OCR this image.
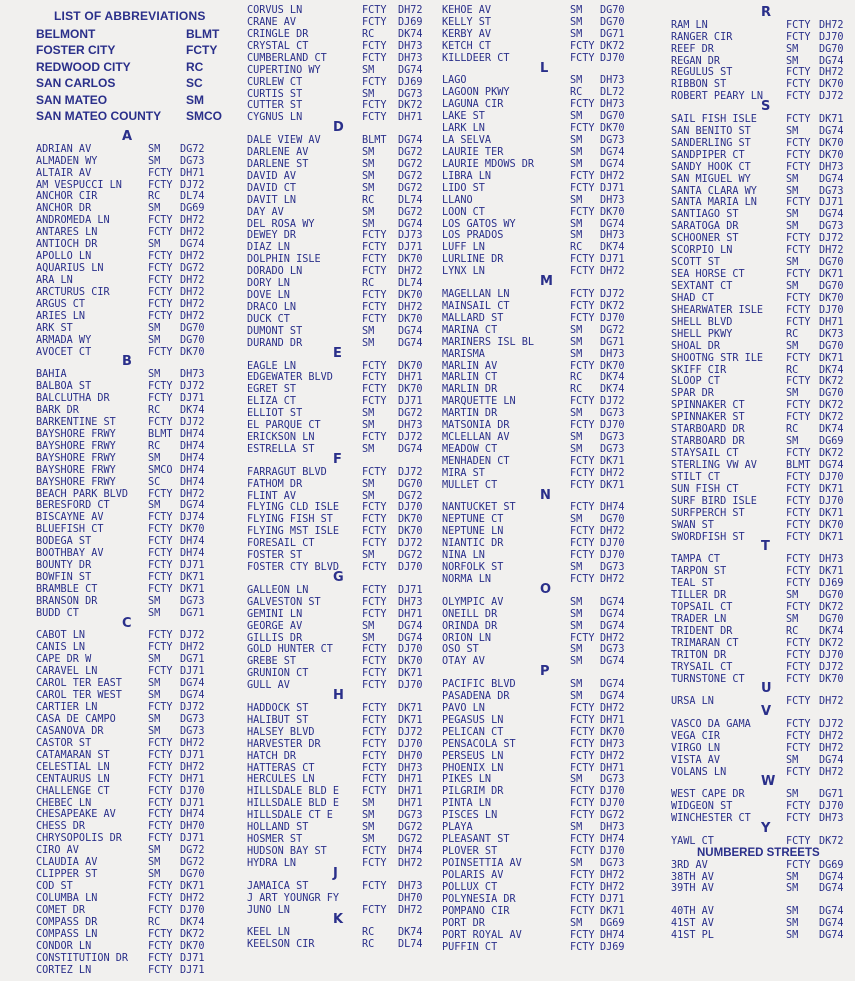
LIST OF ABBREVIATIONS
BELMONT	BLMT
FOSTER CITY	FCTY
REDWOOD CITY	RC
SAN CARLOS	SC
SAN MATEO	SM
SAN MATEO COUNTY SMCO
A
ADRIAN AV	SM DG72
ALMADEN WY	SM DG73
ALTAIR AV	FCTY DH71
AM VESPUCCI LN	FCTY DJ72
ANCHOR CIR	RC DL74
ANCHOR DR	SM DG69
ANDROMEDA LN	FCTY DH72
ANTARES LN	FCTY DH72
ANTIOCH DR	SM DG74
APOLLO LN	FCTY DH72
AQUARIUS LN	FCTY DG72
ARA LN	FCTY DH72
ARCTURUS CIR	FCTY DH72
ARGUS CT	FCTY DH72
ARIES LN	FCTY DH72
ARK ST	SM DG70
ARMADA WY	SM DG70
AVOCET CT	FCTY DK70
B
BAHIA	SM DH73
BALBOA ST	FCTY DJ72
BALCLUTHA DR	FCTY DJ71
BARK DR	RC DK74
BARKENTINE ST	FCTY DJ72
BAYSHORE FRWY	BLMT DH74
BAYSHORE FRWY	RC DH74
BAYSHORE FRWY	SM DH74
BAYSHORE FRWY	SMCO DH74
BAYSHORE FRWY	SC DH74
BEACH PARK BLVD FCTY DH72
BERESFORD CT	SM DG74
BISCAYNE AV	FCTY DJ74
BLUEFISH CT	FCTY DK70
BODEGA ST	FCTY DH74
BOOTHBAY AV	FCTY DH74
BOUNTY DR	FCTY DJ71
BOWFIN ST	FCTY DK71
BRAMBLE CT	FCTY DK71
BRANSON DR	SM DG73
BUDD CT	SM DG71
C
CABOT LN	FCTY DJ72
CANIS LN	FCTY DH72
CAPE DR W	SM DG71
CARAVEL LN	FCTY DJ71
CAROL TER EAST	SM DG74
CAROL TER WEST	SM DG74
CARTIER LN	FCTY DJ72
CASA DE CAMPO	SM DG73
CASANOVA DR	SM DG73
CASTOR ST	FCTY DH72
CATAMARAN ST	FCTY DJ71
CELESTIAL LN	FCTY DH72
CENTAURUS LN	FCTY DH71
CHALLENGE CT	FCTY DJ70
CHEBEC LN	FCTY DJ71
CHESAPEAKE AV	FCTY DH74
CHESS DR	FCTY DH70
CHRYSOPOLIS DR	FCTY DJ71
CIRO AV	SM DG72
CLAUDIA AV	SM DG72
CLIPPER ST	SM DG70
COD ST	FCTY DK71
COLUMBA LN	FCTY DH72
COMET DR	FCTY DJ70
COMPASS DR	RC DK74
COMPASS LN	FCTY DK72
CONDOR LN	FCTY DK70
CONSTITUTION DR FCTY DJ71
CORTEZ LN	FCTY DJ71
CORVUS LN	FCTY DH72
CRANE AV	FCTY DJ69
CRINGLE DR	RC DK74
CRYSTAL CT	FCTY DH73
CUMBERLAND CT	FCTY DH73
CUPERTINO WY	SM DG74
CURLEW CT	FCTY DJ69
CURTIS ST	SM DG73
CUTTER ST	FCTY DK72
CYGNUS LN	FCTY DH71
D
DALE VIEW AV	BLMT DG74
DARLENE AV	SM DG72
DARLENE ST	SM DG72
DAVID AV	SM DG72
DAVID CT	SM DG72
DAVIT LN	RC DL74
DAY AV	SM DG72
DEL ROSA WY	SM DG74
DEWEY DR	FCTY DJ73
DIAZ LN	FCTY DJ71
DOLPHIN ISLE	FCTY DK70
DORADO LN	FCTY DH72
DORY LN	RC DL74
DOVE LN	FCTY DK70
DRACO LN	FCTY DH72
DUCK CT	FCTY DK70
DUMONT ST	SM DG74
DURAND DR	SM DG74
E
EAGLE LN	FCTY DK70
EDGEWATER BLVD	FCTY DH71
EGRET ST	FCTY DK70
ELIZA CT	FCTY DJ71
ELLIOT ST	SM DG72
EL PARQUE CT	SM DH73
ERICKSON LN	FCTY DJ72
ESTRELLA ST	SM DG74
F
FARRAGUT BLVD	FCTY DJ72
FATHOM DR	SM DG70
FLINT AV	SM DG72
FLYING CLD ISLE FCTY DJ70
FLYING FISH ST	FCTY DK70
FLYING MST ISLE FCTY DK70
FORESAIL CT	FCTY DJ72
FOSTER ST	SM DG72
FOSTER CTY BLVD FCTY DJ70
G
GALLEON LN	FCTY DJ71
GALVESTON ST	FCTY DH73
GEMINI LN	FCTY DH71
GEORGE AV	SM DG74
GILLIS DR	SM DG74
GOLD HUNTER CT	FCTY DJ70
GREBE ST	FCTY DK70
GRUNION CT	FCTY DK71
GULL AV	FCTY DJ70
H
HADDOCK ST	FCTY DK71
HALIBUT ST	FCTY DK71
HALSEY BLVD	FCTY DJ72
HARVESTER DR	FCTY DJ70
HATCH DR	FCTY DH70
HATTERAS CT	FCTY DH73
HERCULES LN	FCTY DH71
HILLSDALE BLD E FCTY DH71
HILLSDALE BLD E SM DH71
HILLSDALE CT E	SM DG73
HOLLAND ST	SM DG72
HOSMER ST	SM DG72
HUDSON BAY ST	FCTY DH74
HYDRA LN	FCTY DH72
J
JAMAICA ST	FCTY DH73
J ART YOUNGR FY	DH70
JUNO LN	FCTY DH72
K
KEEL LN	RC DK74
KEELSON CIR	RC DL74
KEHOE AV	SM DG70
KELLY ST	SM DG70
KERBY AV	SM DG71
KETCH CT	FCTY DK72
KILLDEER CT	FCTY DJ70
L
LAGO	SM DH73
LAGOON PKWY	RC DL72
LAGUNA CIR	FCTY DH73
LAKE ST	SM DG70
LARK LN	FCTY DK70
LA SELVA	SM DG73
LAURIE TER	SM DG74
LAURIE MDOWS DR	SM DG74
LIBRA LN	FCTY DH72
LIDO ST	FCTY DJ71
LLANO	SM DH73
LOON CT	FCTY DK70
LOS GATOS WY	SM DG74
LOS PRADOS	SM DH73
LUFF LN	RC DK74
LURLINE DR	FCTY DJ71
LYNX LN	FCTY DH72
M
MAGELLAN LN	FCTY DJ72
MAINSAIL CT	FCTY DK72
MALLARD ST	FCTY DJ70
MARINA CT	SM DG72
MARINERS ISL BL	SM DG71
MARISMA	SM DH73
MARLIN AV	FCTY DK70
MARLIN CT	RC DK74
MARLIN DR	RC DK74
MARQUETTE LN	FCTY DJ72
MARTIN DR	SM DG73
MATSONIA DR	FCTY DJ70
MCLELLAN AV	SM DG73
MEADOW CT	SM DG73
MENHADEN CT	FCTY DK71
MIRA ST	FCTY DH72
MULLET CT	FCTY DK71
N
NANTUCKET ST	FCTY DH74
NEPTUNE CT	SM DG70
NEPTUNE LN	FCTY DH72
NIANTIC DR	FCTY DJ70
NINA LN	FCTY DJ70
NORFOLK ST	SM DG73
NORMA LN	FCTY DH72
O
OLYMPIC AV	SM DG74
ONEILL DR	SM DG74
ORINDA DR	SM DG74
ORION LN	FCTY DH72
OSO ST	SM DG73
OTAY AV	SM DG74
P
PACIFIC BLVD	SM DG74
PASADENA DR	SM DG74
PAVO LN	FCTY DH72
PEGASUS LN	FCTY DH71
PELICAN CT	FCTY DK70
PENSACOLA ST	FCTY DH73
PERSEUS LN	FCTY DH72
PHOENIX LN	FCTY DH71
PIKES LN	SM DG73
PILGRIM DR	FCTY DJ70
PINTA LN	FCTY DJ70
PISCES LN	FCTY DG72
PLAYA	SM DH73
PLEASANT ST	FCTY DH74
PLOVER ST	FCTY DJ70
POINSETTIA AV	SM DG73
POLARIS AV	FCTY DH72
POLLUX CT	FCTY DH72
POLYNESIA DR	FCTY DJ71
POMPANO CIR	FCTY DK71
PORT DR	SM DG69
PORT ROYAL AV	FCTY DH74
PUFFIN CT	FCTY DJ69
R
RAM LN	FCTY DH72
RANGER CIR	FCTY DJ70
REEF DR	SM DG70
REGAN DR	SM DG74
REGULUS ST	FCTY DH72
RIBBON ST	FCTY DK70
ROBERT PEARY LN FCTY DJ72
S
SAIL FISH ISLE	FCTY DK71
SAN BENITO ST	SM DG74
SANDERLING ST	FCTY DK70
SANDPIPER CT	FCTY DK70
SANDY HOOK CT	FCTY DH73
SAN MIGUEL WY	SM DG74
SANTA CLARA WY	SM DG73
SANTA MARIA LN	FCTY DJ71
SANTIAGO ST	SM DG74
SARATOGA DR	SM DG73
SCHOONER ST	FCTY DJ72
SCORPIO LN	FCTY DH72
SCOTT ST	SM DG70
SEA HORSE CT	FCTY DK71
SEXTANT CT	SM DG70
SHAD CT	FCTY DK70
SHEARWATER ISLE FCTY DJ70
SHELL BLVD	FCTY DH71
SHELL PKWY	RC DK73
SHOAL DR	SM DG70
SHOOTNG STR ILE FCTY DK71
SKIFF CIR	RC DK74
SLOOP CT	FCTY DK72
SPAR DR	SM DG70
SPINNAKER CT	FCTY DK72
SPINNAKER ST	FCTY DK72
STARBOARD DR	RC DK74
STARBOARD DR	SM DG69
STAYSAIL CT	FCTY DK72
STERLING VW AV	BLMT DG74
STILT CT	FCTY DJ70
SUN FISH CT	FCTY DK71
SURF BIRD ISLE	FCTY DJ70
SURFPERCH ST	FCTY DK71
SWAN ST	FCTY DK70
SWORDFISH ST	FCTY DK71
T
TAMPA CT	FCTY DH73
TARPON ST	FCTY DK71
TEAL ST	FCTY DJ69
TILLER DR	SM DG70
TOPSAIL CT	FCTY DK72
TRADER LN	SM DG70
TRIDENT DR	RC DK74
TRIMARAN CT	FCTY DK72
TRITON DR	FCTY DJ70
TRYSAIL CT	FCTY DJ72
TURNSTONE CT	FCTY DK70
U
URSA LN	FCTY DH72
V
VASCO DA GAMA	FCTY DJ72
VEGA CIR	FCTY DH72
VIRGO LN	FCTY DH72
VISTA AV	SM DG74
VOLANS LN	FCTY DH72
W
WEST CAPE DR	SM DG71
WIDGEON ST	FCTY DJ70
WINCHESTER CT	FCTY DH73
Y
YAWL CT	FCTY DK72
NUMBERED STREETS
3RD AV	FCTY DG69
38TH AV	SM DG74
39TH AV	SM DG74
40TH AV	SM DG74
41ST AV	SM DG74
41ST PL	SM DG74
